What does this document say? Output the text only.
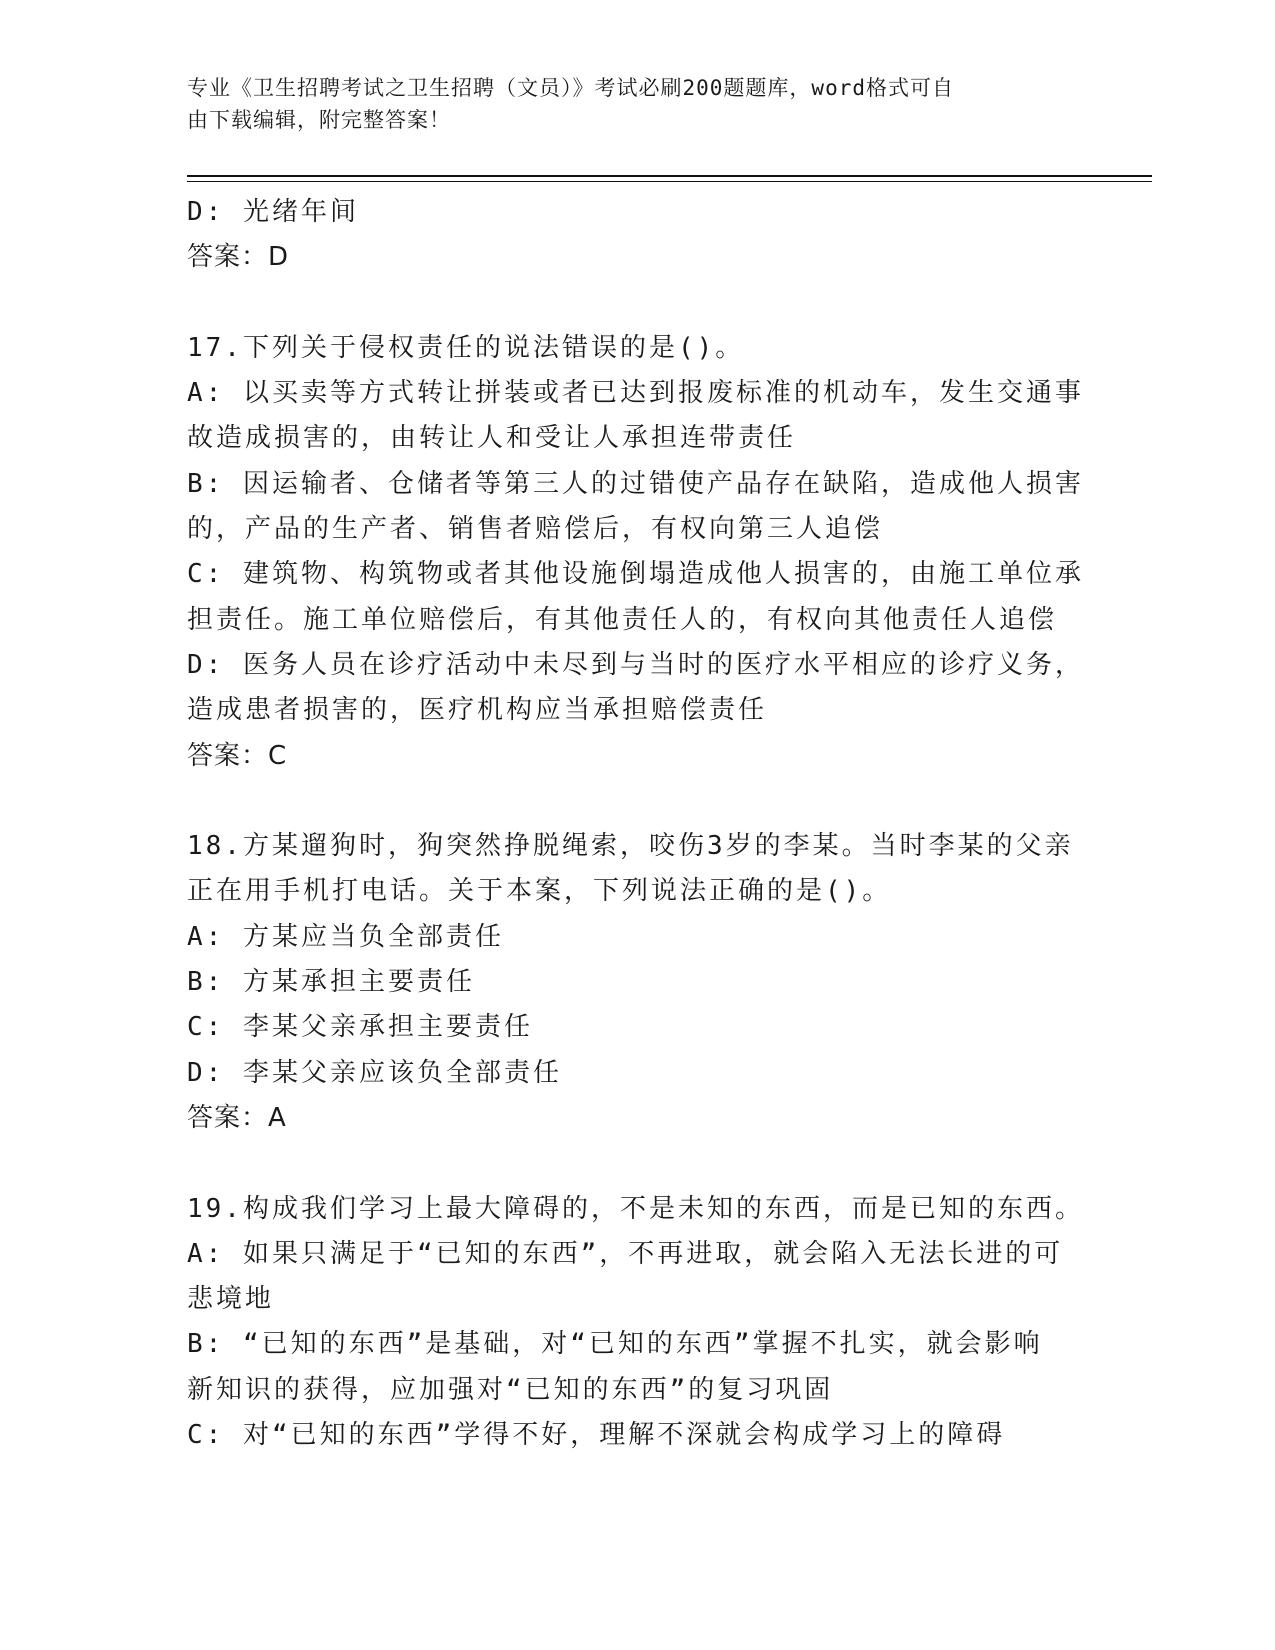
专业《卫生招聘考试之卫生招聘（文员）》考试必刷200题题库，word格式可自
由下载编辑，附完整答案！
D: 光绪年间
答案：D
17.下列关于侵权责任的说法错误的是()。
A: 以买卖等方式转让拼装或者已达到报废标准的机动车，发生交通事
故造成损害的，由转让人和受让人承担连带责任
B: 因运输者、仓储者等第三人的过错使产品存在缺陷，造成他人损害
的，产品的生产者、销售者赔偿后，有权向第三人追偿
C: 建筑物、构筑物或者其他设施倒塌造成他人损害的，由施工单位承
担责任。施工单位赔偿后，有其他责任人的，有权向其他责任人追偿
D: 医务人员在诊疗活动中未尽到与当时的医疗水平相应的诊疗义务，
造成患者损害的，医疗机构应当承担赔偿责任
答案：C
18.方某遛狗时，狗突然挣脱绳索，咬伤3岁的李某。当时李某的父亲
正在用手机打电话。关于本案，下列说法正确的是()。
A: 方某应当负全部责任
B: 方某承担主要责任
C: 李某父亲承担主要责任
D: 李某父亲应该负全部责任
答案：A
19.构成我们学习上最大障碍的，不是未知的东西，而是已知的东西。
A: 如果只满足于“已知的东西”，不再进取，就会陷入无法长进的可
悲境地
B: “已知的东西”是基础，对“已知的东西”掌握不扎实，就会影响
新知识的获得，应加强对“已知的东西”的复习巩固
C: 对“已知的东西”学得不好，理解不深就会构成学习上的障碍
